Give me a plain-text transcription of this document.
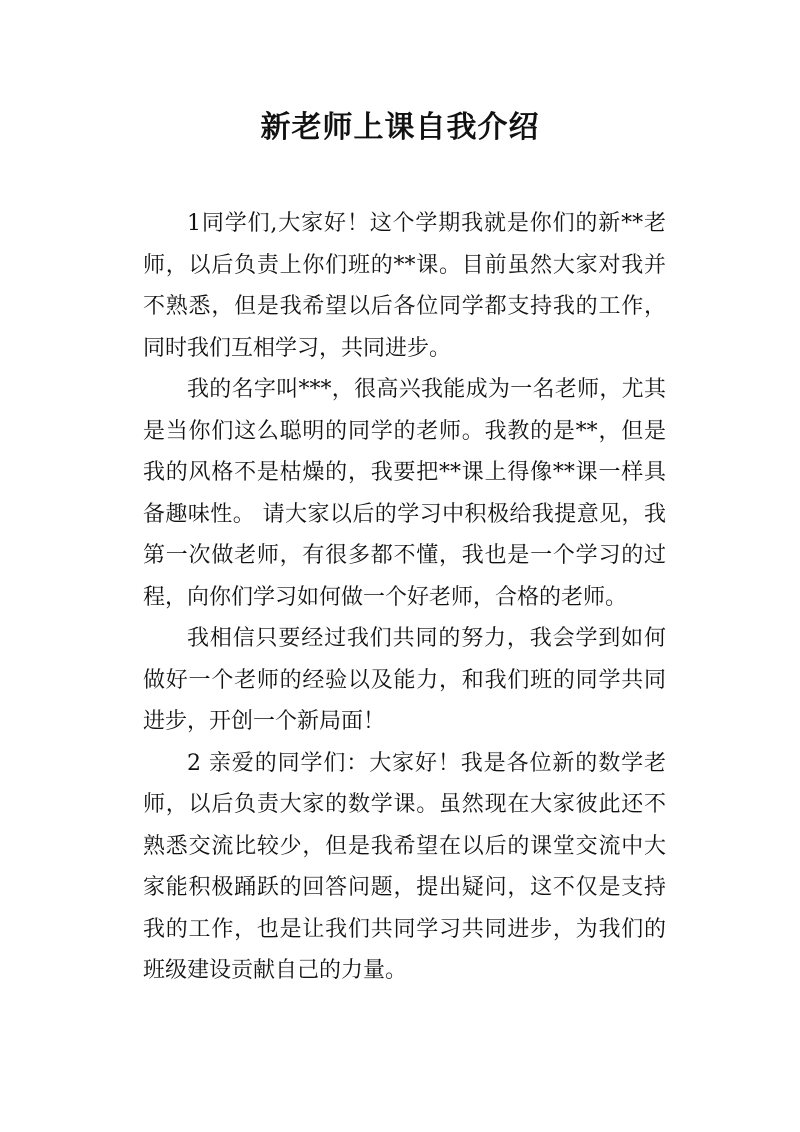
新老师上课自我介绍

1同学们,大家好！这个学期我就是你们的新**老师，以后负责上你们班的**课。目前虽然大家对我并不熟悉，但是我希望以后各位同学都支持我的工作，同时我们互相学习，共同进步。

我的名字叫***，很高兴我能成为一名老师，尤其是当你们这么聪明的同学的老师。我教的是**，但是我的风格不是枯燥的，我要把**课上得像**课一样具备趣味性。 请大家以后的学习中积极给我提意见，我第一次做老师，有很多都不懂，我也是一个学习的过程，向你们学习如何做一个好老师，合格的老师。

我相信只要经过我们共同的努力，我会学到如何做好一个老师的经验以及能力，和我们班的同学共同进步，开创一个新局面！

2 亲爱的同学们：大家好！我是各位新的数学老师，以后负责大家的数学课。虽然现在大家彼此还不熟悉交流比较少，但是我希望在以后的课堂交流中大家能积极踊跃的回答问题，提出疑问，这不仅是支持我的工作，也是让我们共同学习共同进步，为我们的班级建设贡献自己的力量。
